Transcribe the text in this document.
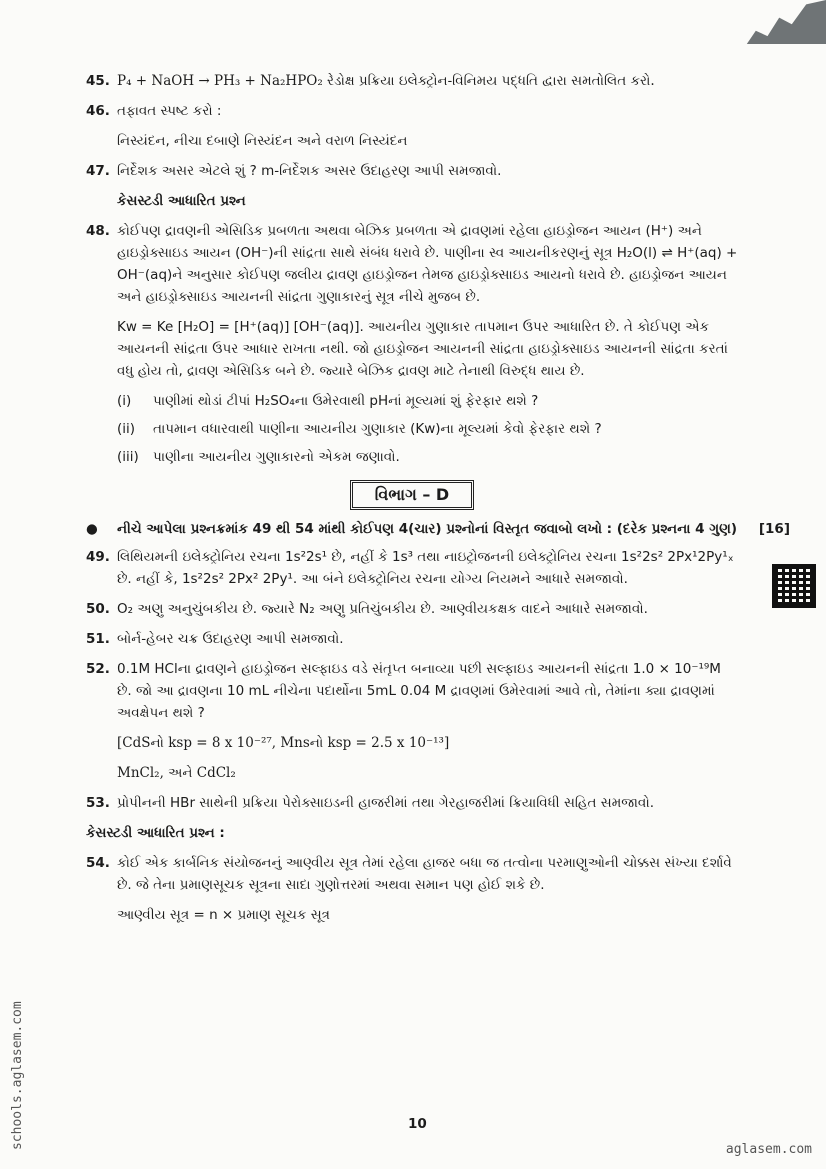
45. P₄ + NaOH → PH₃ + Na₂HPO₂ રેડોક્ષ પ્રક્રિયા ઇલેક્ટ્રોન-વિનિમય પદ્ધતિ દ્વારા સમતોલિત કરો.
46. તફાવત સ્પષ્ટ કરો :
નિસ્યંદન, નીચા દબાણે નિસ્યંદન અને વરાળ નિસ્યંદન
47. નિર્દેશક અસર એટલે શું ? m-નિર્દેશક અસર ઉદાહરણ આપી સમજાવો.
કેસસ્ટડી આધારિત પ્રશ્ન
48. કોઈપણ દ્રાવણની એસિડિક પ્રબળતા અથવા બેઝિક પ્રબળતા એ દ્રાવણમાં રહેલા હાઇડ્રોજન આયન (H⁺) અને હાઇડ્રોક્સાઇડ આયન (OH⁻)ની સાંદ્રતા સાથે સંબંધ ધરાવે છે. પાણીના સ્વ આયનીકરણનું સૂત્ર H₂O(l) ⇌ H⁺(aq) + OH⁻(aq)ને અનુસાર કોઈપણ જલીય દ્રાવણ હાઇડ્રોજન તેમજ હાઇડ્રોક્સાઇડ આયનો ધરાવે છે. હાઇડ્રોજન આયન અને હાઇડ્રોક્સાઇડ આયનની સાંદ્રતા ગુણાકારનું સૂત્ર નીચે મુજબ છે.
Kw = Ke [H₂O] = [H⁺(aq)] [OH⁻(aq)]. આયનીય ગુણાકાર તાપમાન ઉપર આધારિત છે. તે કોઈપણ એક આયનની સાંદ્રતા ઉપર આધાર રાખતા નથી. જો હાઇડ્રોજન આયનની સાંદ્રતા હાઇડ્રોક્સાઇડ આયનની સાંદ્રતા કરતાં વધુ હોય તો, દ્રાવણ એસિડિક બને છે. જ્યારે બેઝિક દ્રાવણ માટે તેનાથી વિરુદ્ધ થાય છે.
(i) પાણીમાં થોડાં ટીપાં H₂SO₄ના ઉમેરવાથી pHનાં મૂલ્યમાં શું ફેરફાર થશે ?
(ii) તાપમાન વધારવાથી પાણીના આયનીય ગુણાકાર (Kw)ના મૂલ્યમાં કેવો ફેરફાર થશે ?
(iii) પાણીના આયનીય ગુણાકારનો એકમ જણાવો.
વિભાગ – D
● નીચે આપેલા પ્રશ્નક્રમાંક 49 થી 54 માંથી કોઈપણ 4(ચાર) પ્રશ્નોનાં વિસ્તૃત જવાબો લખો : (દરેક પ્રશ્નના 4 ગુણ) [16]
49. લિથિયમની ઇલેક્ટ્રોનિય રચના 1s²2s¹ છે, નહીં કે 1s³ તથા નાઇટ્રોજનની ઇલેક્ટ્રોનિય રચના 1s²2s² 2Px¹2Py¹ₓ છે. નહીં કે, 1s²2s² 2Px² 2Py¹. આ બંને ઇલેક્ટ્રોનિય રચના યોગ્ય નિયમને આધારે સમજાવો.
50. O₂ અણુ અનુચુંબકીય છે. જ્યારે N₂ અણુ પ્રતિચુંબકીય છે. આણ્વીયકક્ષક વાદને આધારે સમજાવો.
51. બોર્ન-હેબર ચક્ર ઉદાહરણ આપી સમજાવો.
52. 0.1M HClના દ્રાવણને હાઇડ્રોજન સલ્ફાઇડ વડે સંતૃપ્ત બનાવ્યા પછી સલ્ફાઇડ આયનની સાંદ્રતા 1.0 × 10⁻¹⁹M છે. જો આ દ્રાવણના 10 mL નીચેના પદાર્થોના 5mL 0.04 M દ્રાવણમાં ઉમેરવામાં આવે તો, તેમાંના ક્યા દ્રાવણમાં અવક્ષેપન થશે ?
[CdSનો ksp = 8 x 10⁻²⁷, Mnsનો ksp = 2.5 x 10⁻¹³]
MnCl₂, અને CdCl₂
53. પ્રોપીનની HBr સાથેની પ્રક્રિયા પેરોક્સાઇડની હાજરીમાં તથા ગેરહાજરીમાં ક્રિયાવિધી સહિત સમજાવો.
કેસસ્ટડી આધારિત પ્રશ્ન :
54. કોઈ એક કાર્બનિક સંયોજનનું આણ્વીય સૂત્ર તેમાં રહેલા હાજર બધા જ તત્વોના પરમાણુઓની ચોક્કસ સંખ્યા દર્શાવે છે. જે તેના પ્રમાણસૂચક સૂત્રના સાદા ગુણોત્તરમાં અથવા સમાન પણ હોઈ શકે છે.
આણ્વીય સૂત્ર = n × પ્રમાણ સૂચક સૂત્ર
schools.aglasem.com	10
aglasem.com
